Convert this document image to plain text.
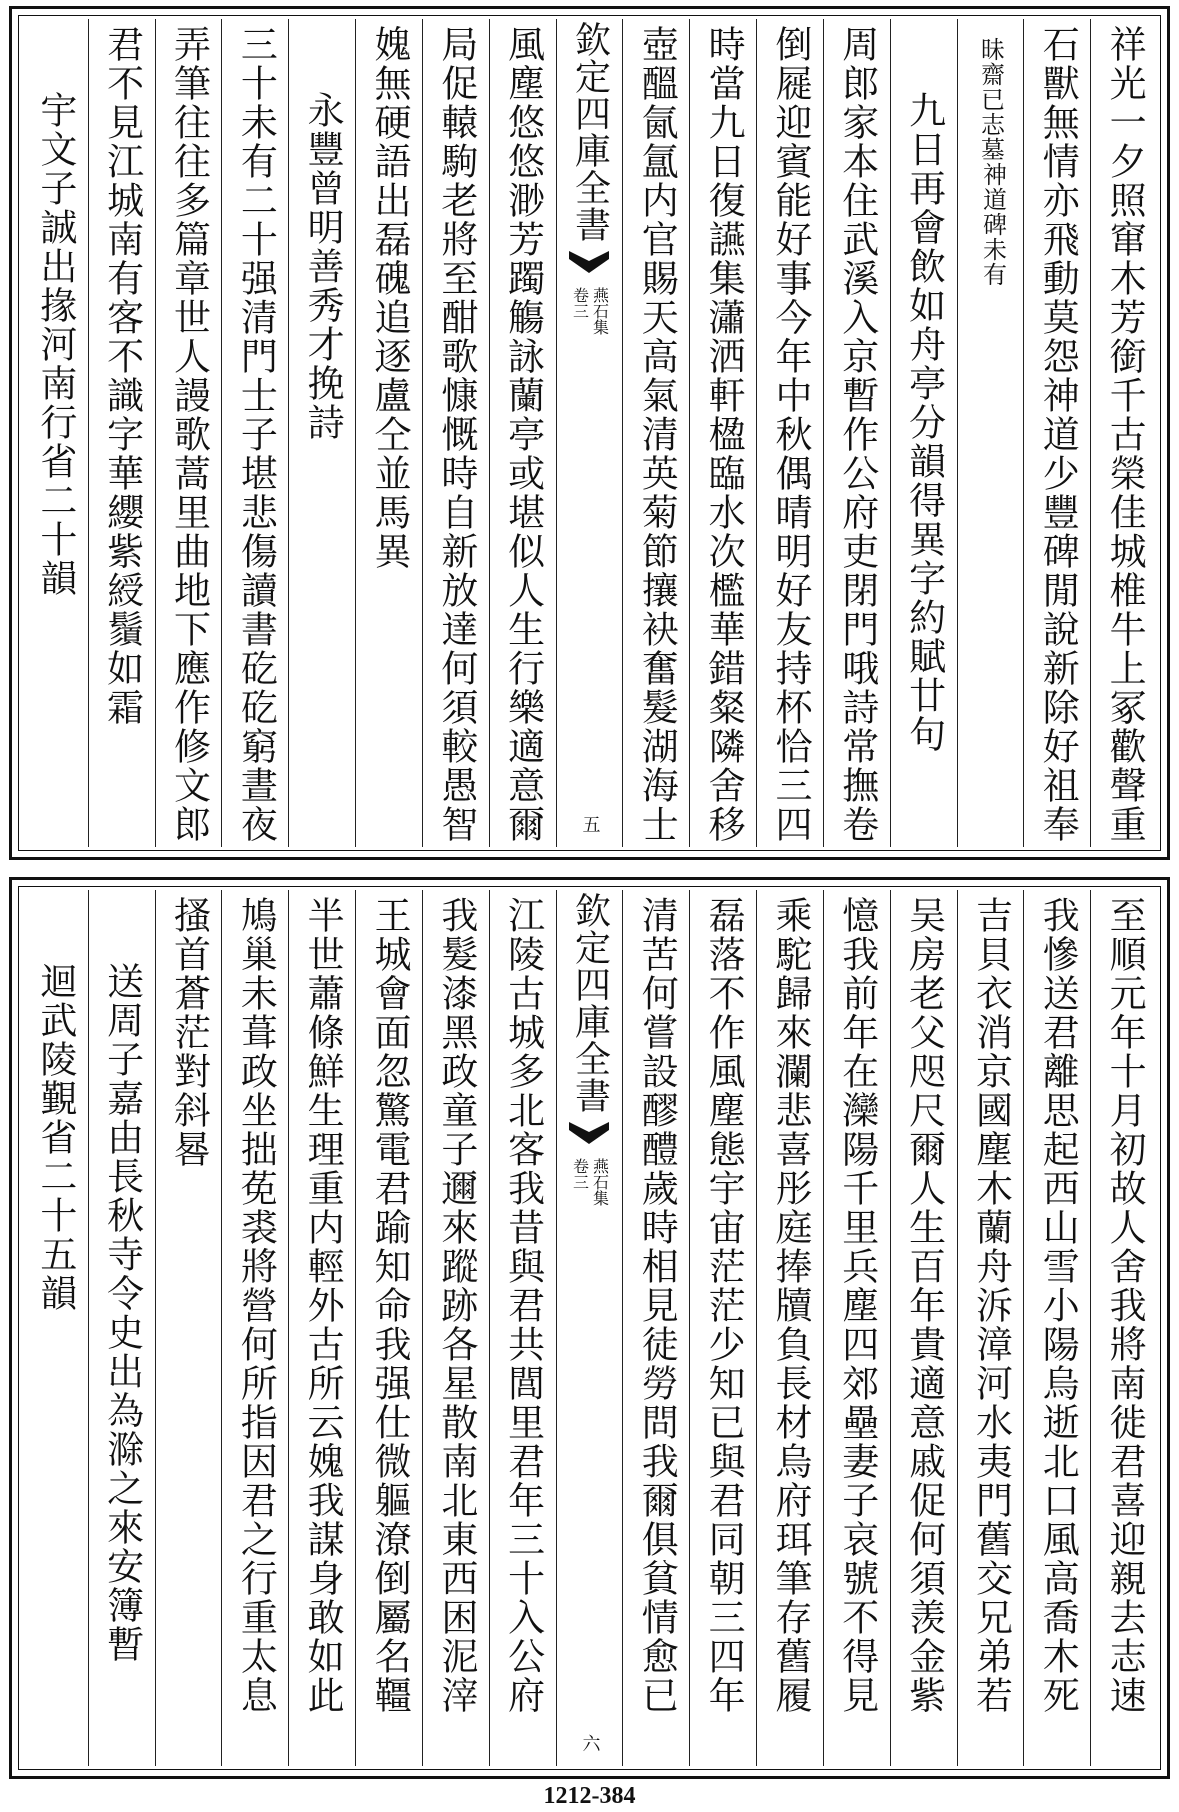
祥光一夕照窜木芳銜千古榮佳城椎牛上冢歡聲重
石獸無情亦飛動莫怨神道少豐碑閒說新除好祖奉
昧齋已志墓
神道碑未有
九日再會飲如舟亭分韻得異字約賦廿句
周郎家本住武溪入京暫作公府吏閉門哦詩常撫卷
倒屣迎賓能好事今年中秋偶晴明好友持杯恰三四
時當九日復讌集瀟洒軒楹臨水次檻華錯粲隣舍移
壺醞氤氲内官賜天高氣清英菊節攘袂奮髮湖海士
欽定四庫全書
燕石集
卷三
五
風塵悠悠渺芳躅觴詠蘭亭或堪似人生行樂適意爾
局促轅駒老將至酣歌慷慨時自新放達何須較愚智
媿無硬語出磊磈追逐盧仝並馬異
永豐曾明善秀才挽詩
三十未有二十强清門士子堪悲傷讀書矻矻窮晝夜
弄筆往往多篇章世人謾歌蒿里曲地下應作修文郎
君不見江城南有客不識字華纓紫綬鬚如霜
宇文子誠出掾河南行省二十韻
至順元年十月初故人舍我將南徙君喜迎親去志速
我慘送君離思起西山雪小陽烏逝北口風高喬木死
吉貝衣消京國塵木蘭舟泝漳河水夷門舊交兄弟若
吴房老父咫尺爾人生百年貴適意戚促何須羡金紫
憶我前年在灤陽千里兵塵四郊壘妻子哀號不得見
乘駝歸來瀾悲喜彤庭捧牘負長材烏府珥筆存舊履
磊落不作風塵態宇宙茫茫少知已與君同朝三四年
清苦何嘗設醪醴歲時相見徒勞問我爾俱貧情愈已
欽定四庫全書
燕石集
卷三
六
江陵古城多北客我昔與君共閭里君年三十入公府
我髮漆黑政童子邇來蹤跡各星散南北東西困泥滓
王城會面忽驚電君踰知命我强仕微軀潦倒屬名韁
半世蕭條鮮生理重内輕外古所云媿我謀身敢如此
鳩巢未葺政坐拙莬裘將營何所指因君之行重太息
搔首蒼茫對斜晷
送周子嘉由長秋寺令史出為滁之來安簿暫
迴武陵覲省二十五韻
1212-384
